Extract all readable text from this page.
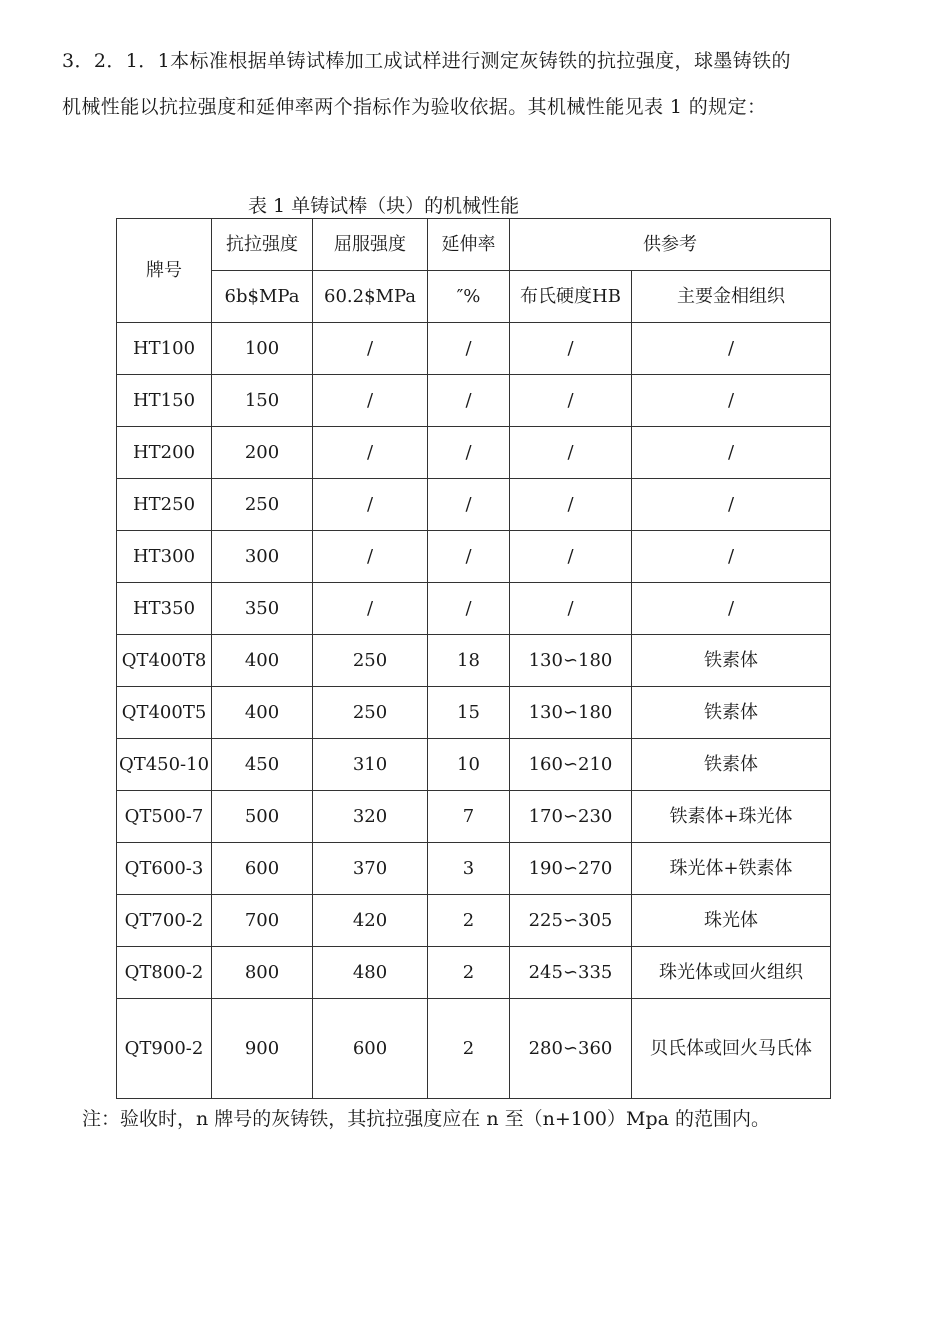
3．2．1．1本标准根据单铸试棒加工成试样进行测定灰铸铁的抗拉强度，球墨铸铁的
机械性能以抗拉强度和延伸率两个指标作为验收依据。其机械性能见表 1 的规定：

表 1 单铸试棒（块）的机械性能
牌号	抗拉强度	屈服强度	延伸率	供参考	
	6b$MPa	60.2$MPa	″%	布氏硬度HB	主要金相组织
HT100	100	/	/	/	/
HT150	150	/	/	/	/
HT200	200	/	/	/	/
HT250	250	/	/	/	/
HT300	300	/	/	/	/
HT350	350	/	/	/	/
QT400T8	400	250	18	130∽180	铁素体
QT400T5	400	250	15	130∽180	铁素体
QT450-10	450	310	10	160∽210	铁素体
QT500-7	500	320	7	170∽230	铁素体+珠光体
QT600-3	600	370	3	190∽270	珠光体+铁素体
QT700-2	700	420	2	225∽305	珠光体
QT800-2	800	480	2	245∽335	珠光体或回火组织
QT900-2	900	600	2	280∽360	贝氏体或回火马氏体
注：验收时，n 牌号的灰铸铁，其抗拉强度应在 n 至（n+100）Mpa 的范围内。
